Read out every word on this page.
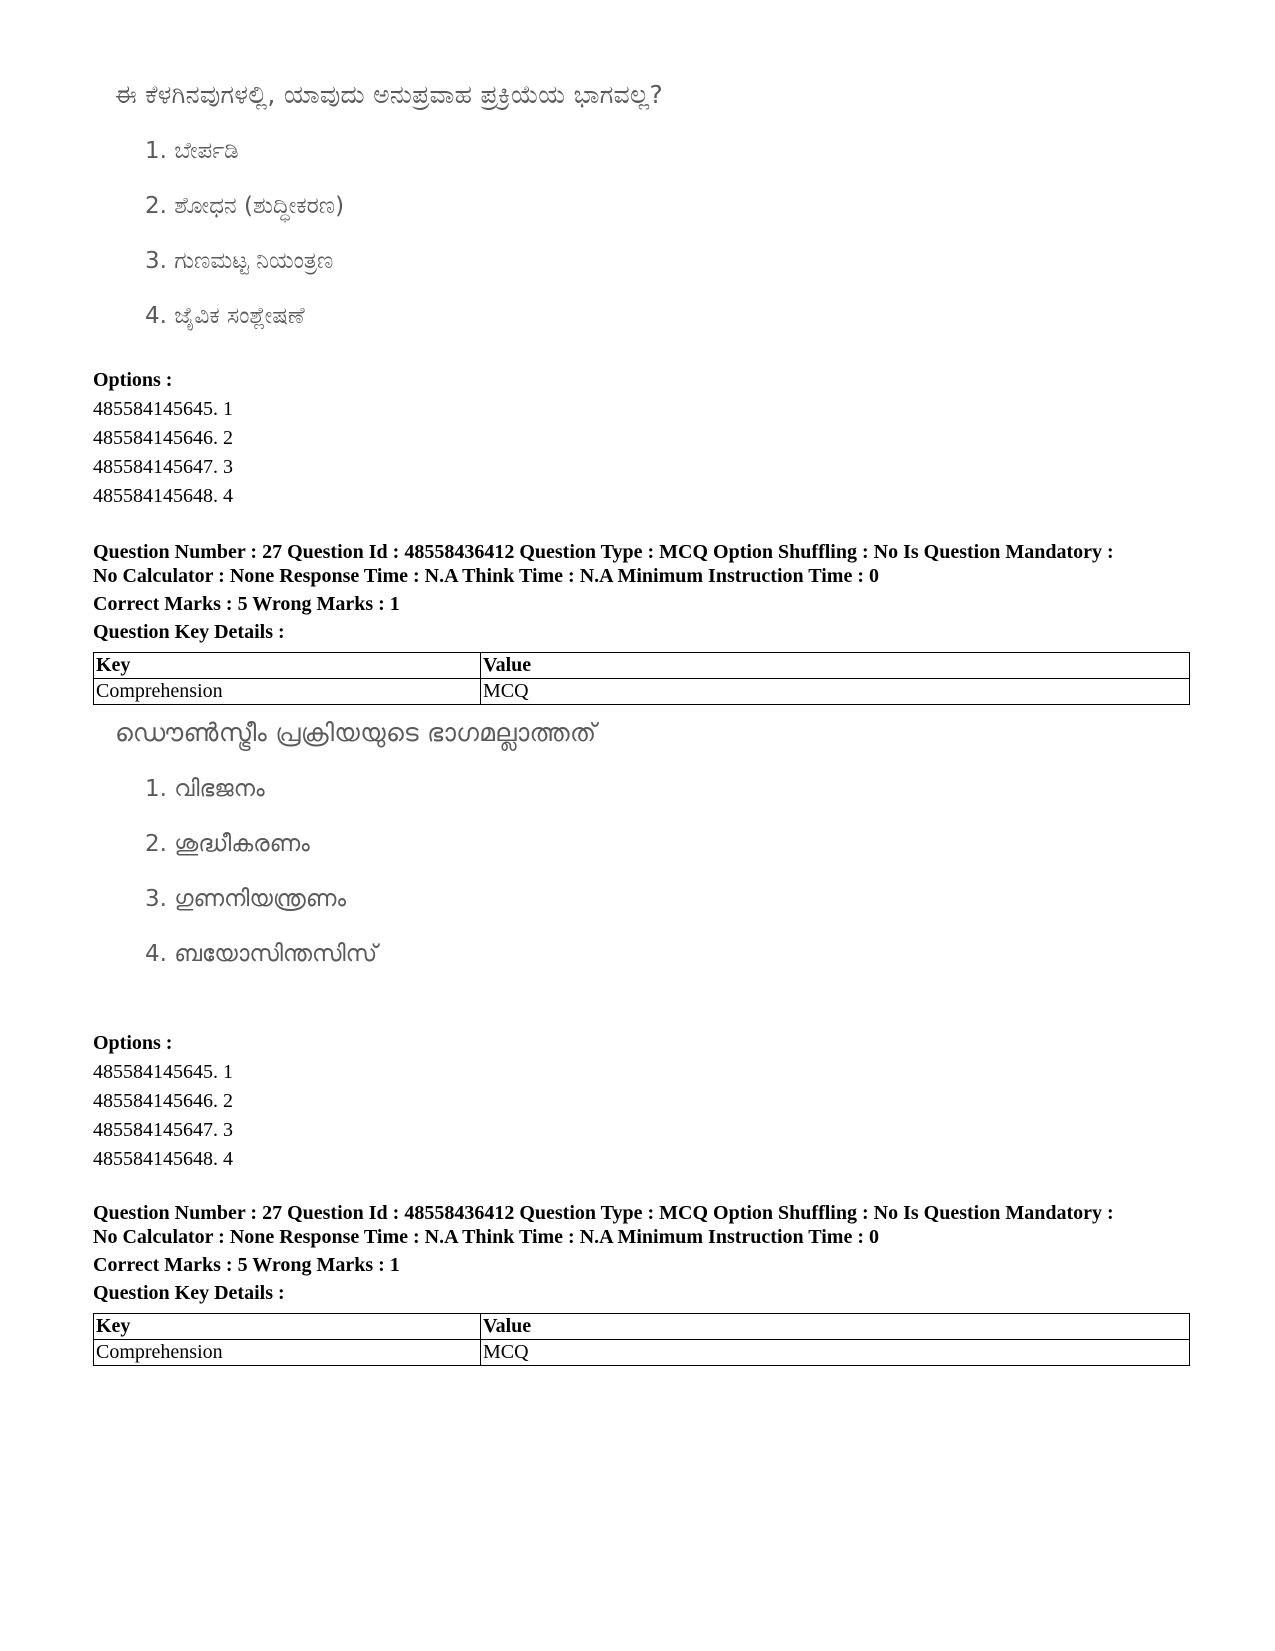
ಈ ಕೆಳಗಿನವುಗಳಲ್ಲಿ, ಯಾವುದು ಅನುಪ್ರವಾಹ ಪ್ರಕ್ರಿಯೆಯ ಭಾಗವಲ್ಲ?
1. ಬೇರ್ಪಡಿ
2. ಶೋಧನ (ಶುದ್ಧೀಕರಣ)
3. ಗುಣಮಟ್ಟ ನಿಯಂತ್ರಣ
4. ಜೈವಿಕ ಸಂಶ್ಲೇಷಣೆ
Options :
485584145645. 1
485584145646. 2
485584145647. 3
485584145648. 4
Question Number : 27 Question Id : 48558436412 Question Type : MCQ Option Shuffling : No Is Question Mandatory :
No Calculator : None Response Time : N.A Think Time : N.A Minimum Instruction Time : 0
Correct Marks : 5 Wrong Marks : 1
Question Key Details :
Key	Value
Comprehension	MCQ
ഡൌൺസ്ട്രീം പ്രക്രിയയുടെ ഭാഗമല്ലാത്തത്
1. വിഭജനം
2. ശുദ്ധീകരണം
3. ഗുണനിയന്ത്രണം
4. ബയോസിന്തസിസ്
Options :
485584145645. 1
485584145646. 2
485584145647. 3
485584145648. 4
Question Number : 27 Question Id : 48558436412 Question Type : MCQ Option Shuffling : No Is Question Mandatory :
No Calculator : None Response Time : N.A Think Time : N.A Minimum Instruction Time : 0
Correct Marks : 5 Wrong Marks : 1
Question Key Details :
Key	Value
Comprehension	MCQ
